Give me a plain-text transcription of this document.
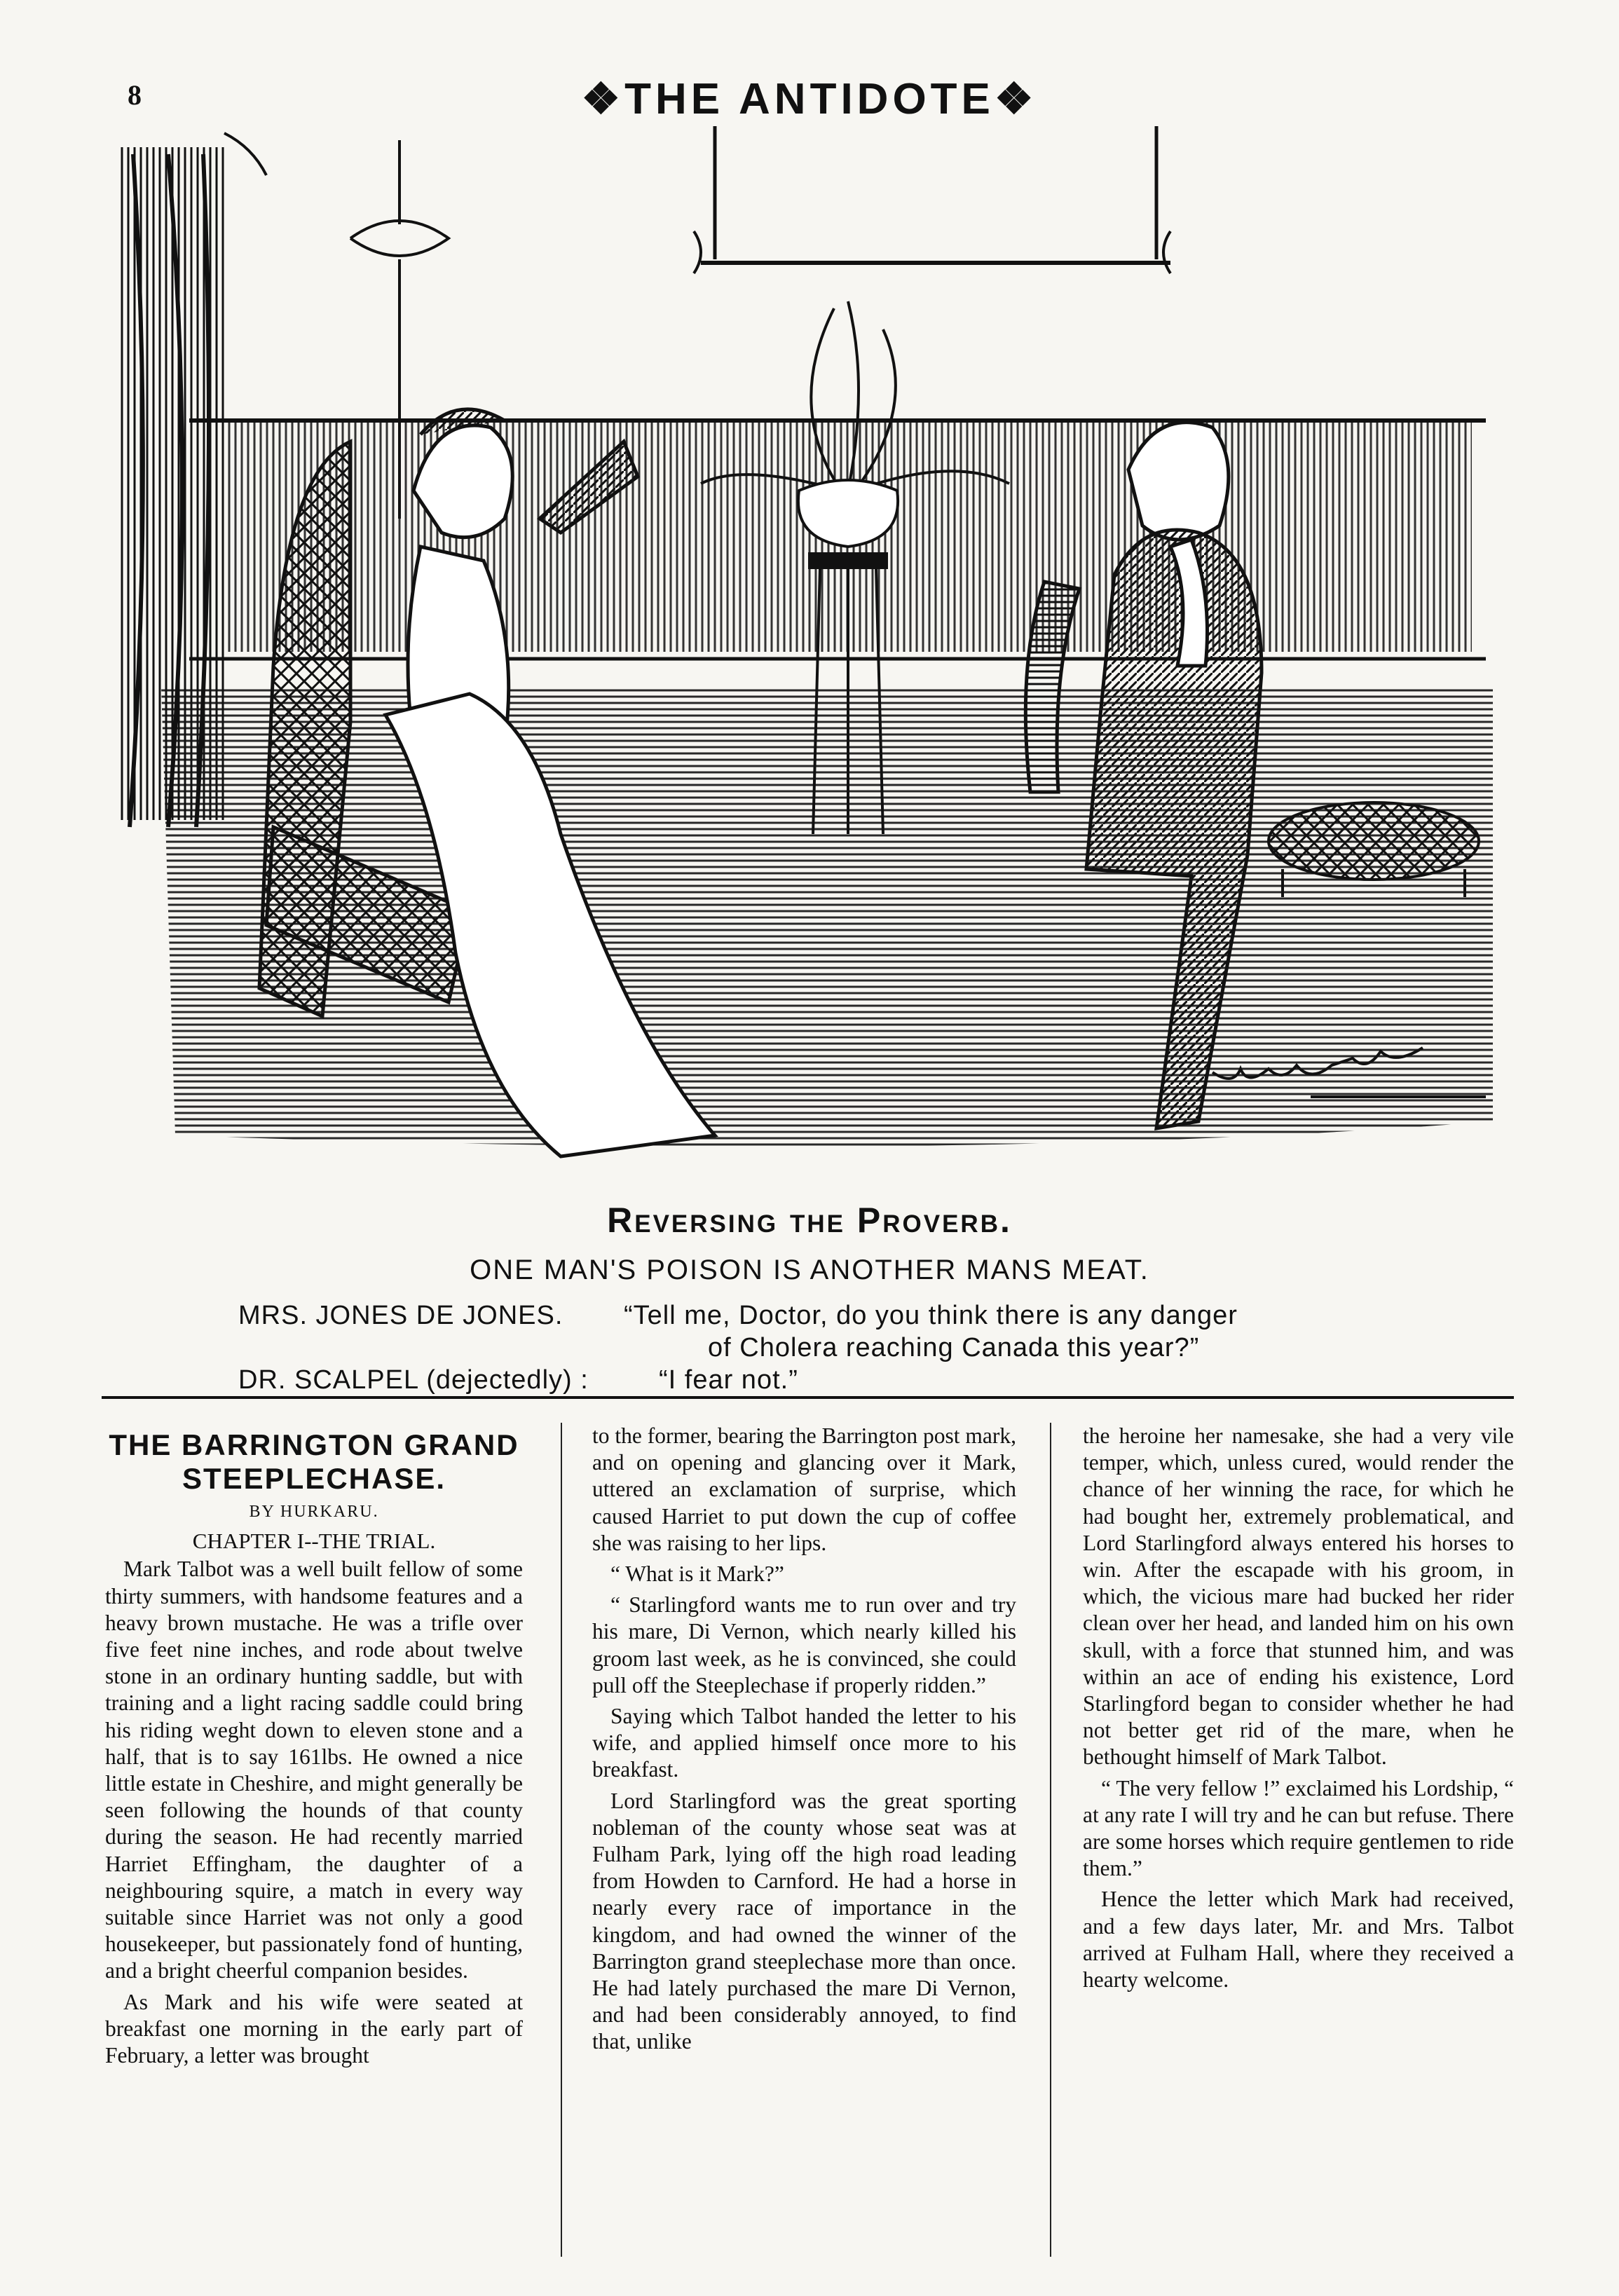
8	❖THE ANTIDOTE❖
Reversing the Proverb.
ONE MAN'S POISON IS ANOTHER MANS MEAT.
MRS. JONES DE JONES. “Tell me, Doctor, do you think there is any danger
of Cholera reaching Canada this year?”
DR. SCALPEL (dejectedly) :	“I fear not.”
THE BARRINGTON GRAND STEEPLECHASE.
BY HURKARU.
CHAPTER I--THE TRIAL.

Mark Talbot was a well built fellow of some thirty summers, with handsome features and a heavy brown mustache. He was a trifle over five feet nine inches, and rode about twelve stone in an ordinary hunting saddle, but with training and a light racing saddle could bring his riding weght down to eleven stone and a half, that is to say 161lbs. He owned a nice little estate in Cheshire, and might generally be seen following the hounds of that county during the season. He had recently married Harriet Effingham, the daughter of a neighbouring squire, a match in every way suitable since Harriet was not only a good housekeeper, but passionately fond of hunting, and a bright cheerful companion besides.

As Mark and his wife were seated at breakfast one morning in the early part of February, a letter was brought

to the former, bearing the Barrington post mark, and on opening and glancing over it Mark, uttered an exclamation of surprise, which caused Harriet to put down the cup of coffee she was raising to her lips.

“ What is it Mark?”

“ Starlingford wants me to run over and try his mare, Di Vernon, which nearly killed his groom last week, as he is convinced, she could pull off the Steeplechase if properly ridden.”

Saying which Talbot handed the letter to his wife, and applied himself once more to his breakfast.

Lord Starlingford was the great sporting nobleman of the county whose seat was at Fulham Park, lying off the high road leading from Howden to Carnford. He had a horse in nearly every race of importance in the kingdom, and had owned the winner of the Barrington grand steeplechase more than once. He had lately purchased the mare Di Vernon, and had been considerably annoyed, to find that, unlike

the heroine her namesake, she had a very vile temper, which, unless cured, would render the chance of her winning the race, for which he had bought her, extremely problematical, and Lord Starlingford always entered his horses to win. After the escapade with his groom, in which, the vicious mare had bucked her rider clean over her head, and landed him on his own skull, with a force that stunned him, and was within an ace of ending his existence, Lord Starlingford began to consider whether he had not better get rid of the mare, when he bethought himself of Mark Talbot.

“ The very fellow !” exclaimed his Lordship, “ at any rate I will try and he can but refuse. There are some horses which require gentlemen to ride them.”

Hence the letter which Mark had received, and a few days later, Mr. and Mrs. Talbot arrived at Fulham Hall, where they received a hearty welcome.
